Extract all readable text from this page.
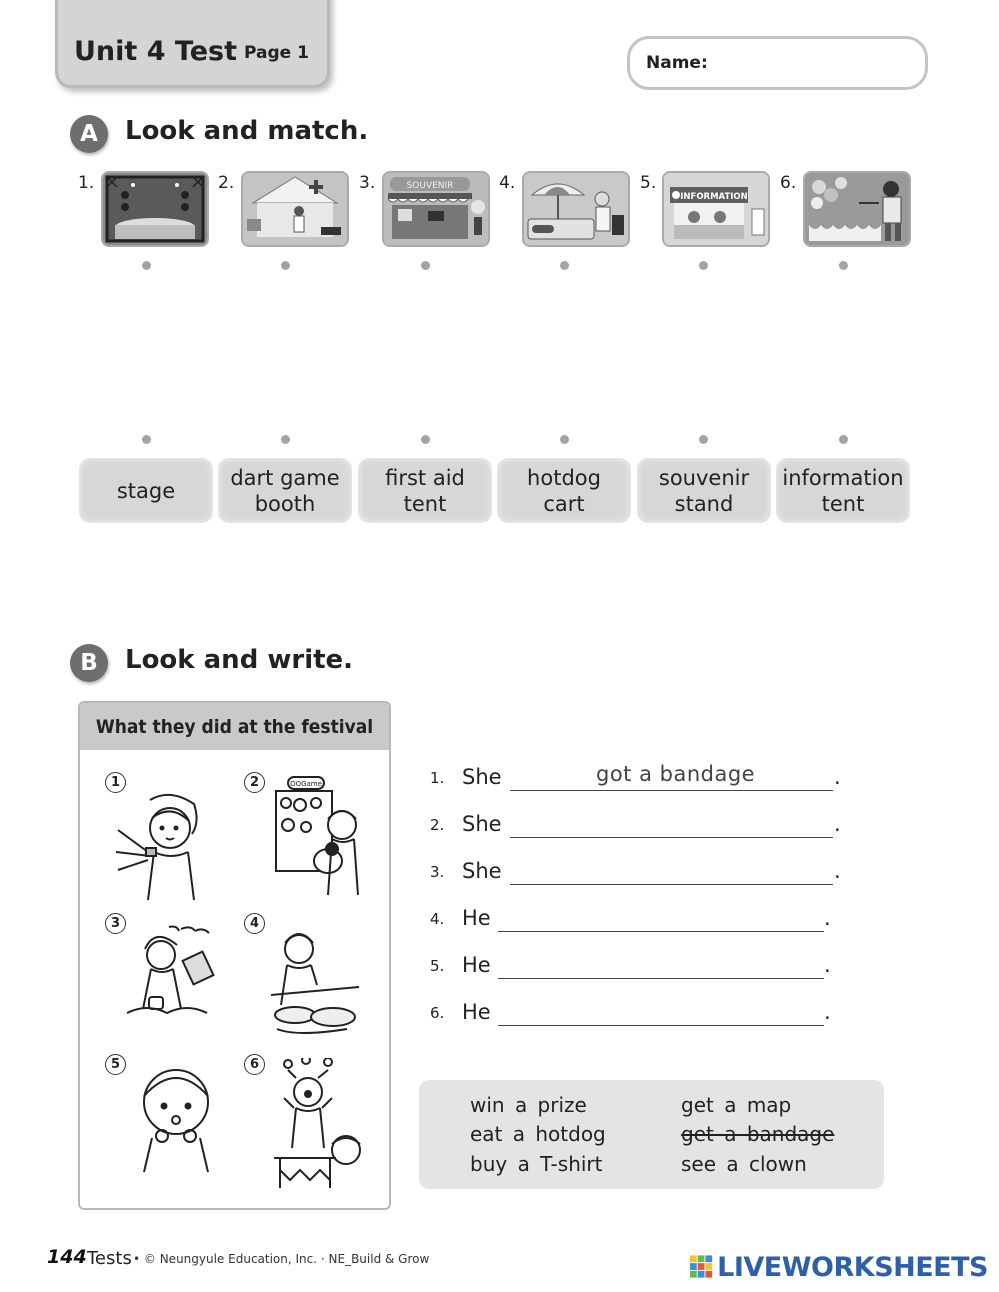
Unit 4 Test Page 1	Name:
A	Look and match.
1.	2.	3.	4.	5.	6.
SOUVENIR
INFORMATION
stage
dart game
booth
first aid
tent
hotdog
cart
souvenir
stand
information
tent
B	Look and write.
What they did at the festival
1	2
3	4
5	6
OOGame	1. She	got a bandage	.
2. She	.
3. She	.
4. He	.
5. He	.
6. He	.
win a prize
eat a hotdog
buy a T-shirt
get a map
get a bandage
see a clown
144 Tests • © Neungyule Education, Inc. · NE_Build & Grow	LIVEWORKSHEETS
